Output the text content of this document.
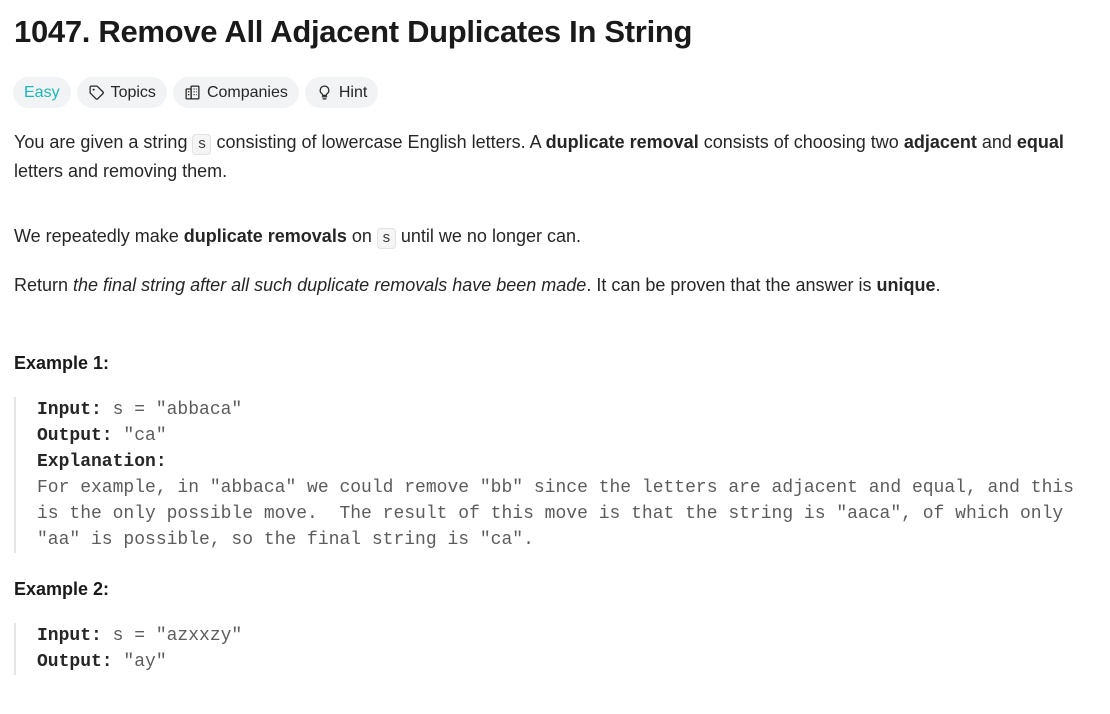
1047. Remove All Adjacent Duplicates In String
Easy	Topics	Companies	Hint

You are given a string s consisting of lowercase English letters. A duplicate removal consists of choosing two adjacent and equal letters and removing them.

We repeatedly make duplicate removals on s until we no longer can.

Return the final string after all such duplicate removals have been made. It can be proven that the answer is unique.

Example 1:

Input: s = "abbaca"
Output: "ca"
Explanation:
For example, in "abbaca" we could remove "bb" since the letters are adjacent and equal, and this
is the only possible move.  The result of this move is that the string is "aaca", of which only
"aa" is possible, so the final string is "ca".

Example 2:

Input: s = "azxxzy"
Output: "ay"
